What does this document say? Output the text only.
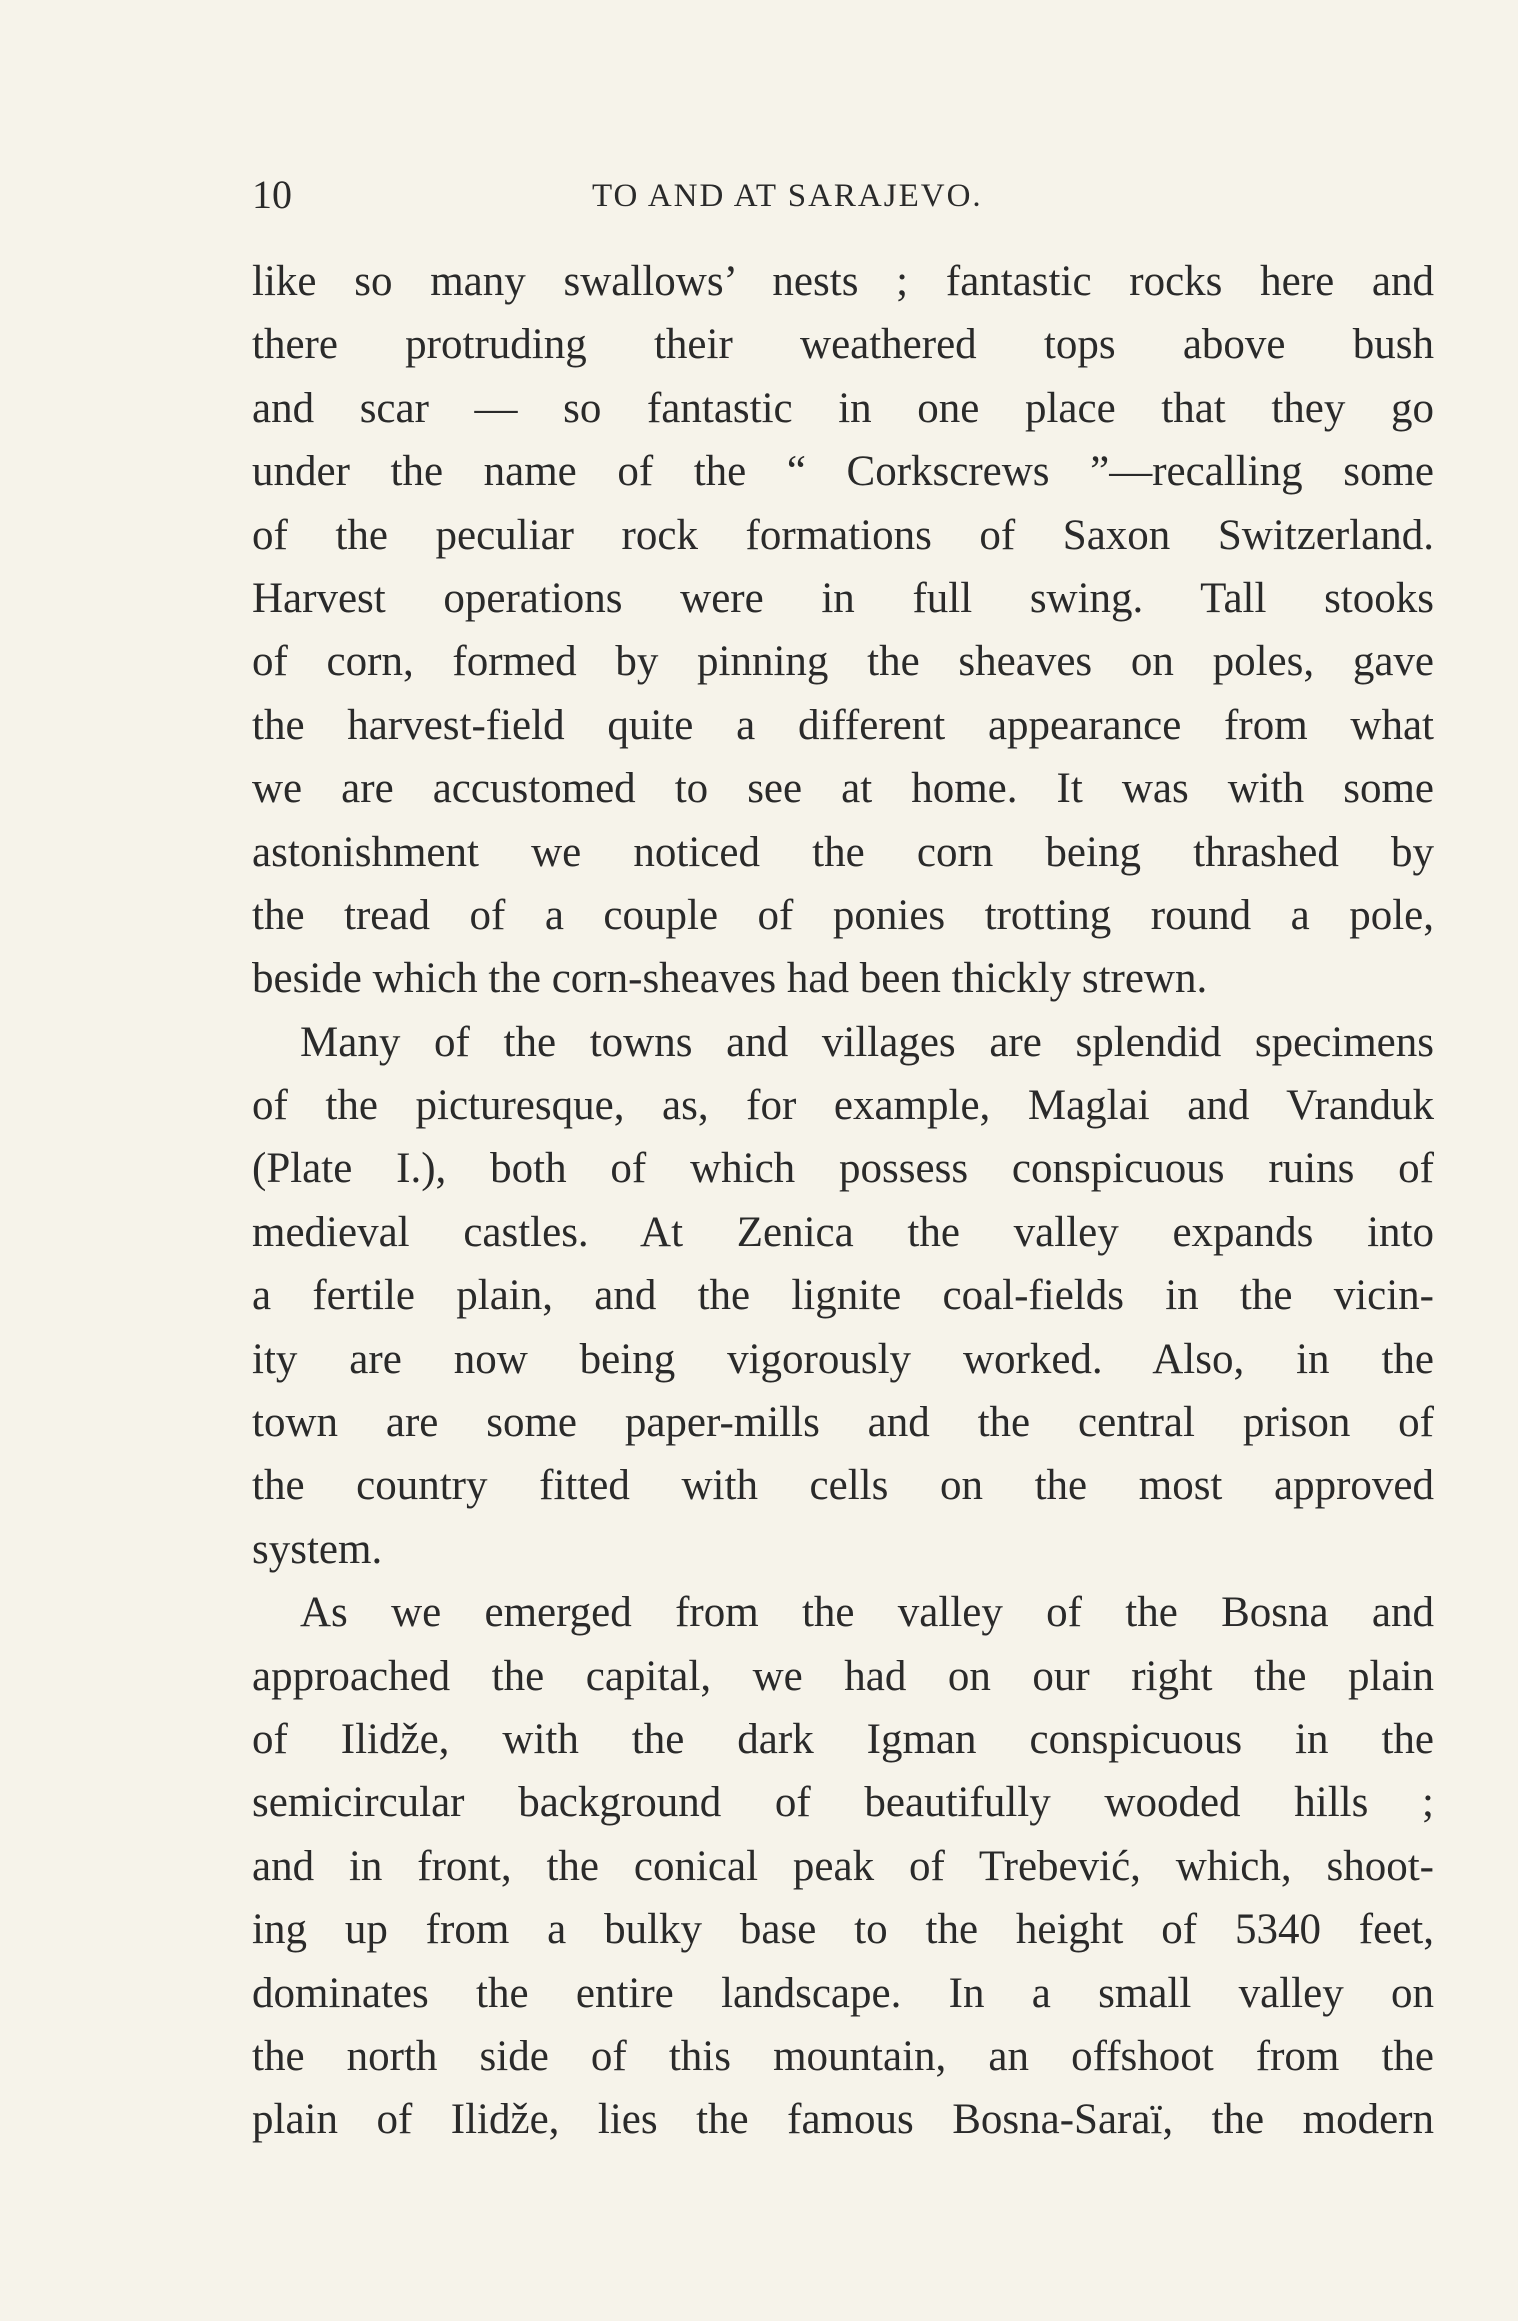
10	TO AND AT SARAJEVO.
like so many swallows’ nests ; fantastic rocks here and
there protruding their weathered tops above bush
and scar — so fantastic in one place that they go
under the name of the “ Corkscrews ”—recalling some
of the peculiar rock formations of Saxon Switzerland.
Harvest operations were in full swing. Tall stooks
of corn, formed by pinning the sheaves on poles, gave
the harvest-field quite a different appearance from what
we are accustomed to see at home. It was with some
astonishment we noticed the corn being thrashed by
the tread of a couple of ponies trotting round a pole,
beside which the corn-sheaves had been thickly strewn.
Many of the towns and villages are splendid specimens
of the picturesque, as, for example, Maglai and Vranduk
(Plate I.), both of which possess conspicuous ruins of
medieval castles. At Zenica the valley expands into
a fertile plain, and the lignite coal-fields in the vicin-
ity are now being vigorously worked. Also, in the
town are some paper-mills and the central prison of
the country fitted with cells on the most approved
system.
As we emerged from the valley of the Bosna and
approached the capital, we had on our right the plain
of Ilidže, with the dark Igman conspicuous in the
semicircular background of beautifully wooded hills ;
and in front, the conical peak of Trebević, which, shoot-
ing up from a bulky base to the height of 5340 feet,
dominates the entire landscape. In a small valley on
the north side of this mountain, an offshoot from the
plain of Ilidže, lies the famous Bosna-Saraï, the modern
